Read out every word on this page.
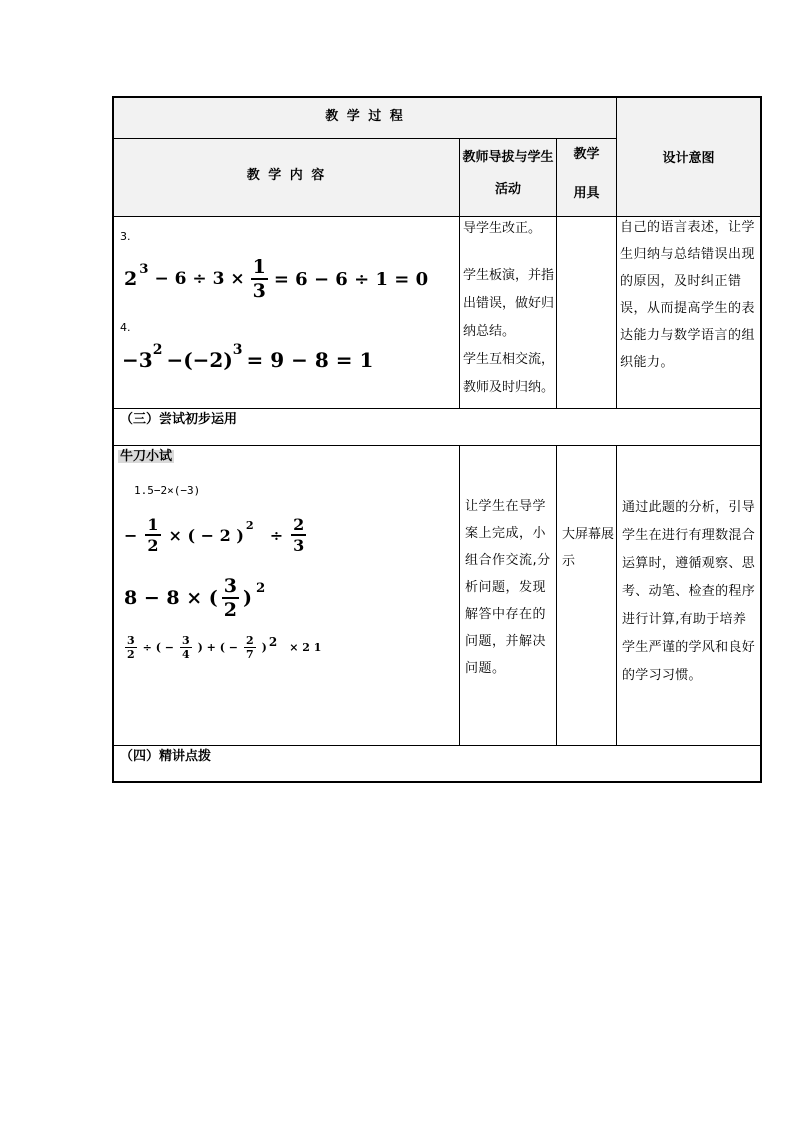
教 学 过 程
教 学 内 容
教师导拔与学生活动
教学
用具
设计意图
3.
2 $3 - 6 \div 3 \times \frac{1}{3} = 6 - 6 \div 1 = 0$
4.
−3 2 −(−2) 3 = 9 − 8 = 1
导学生改正。
学生板演，并指出错误，做好归纳总结。
学生互相交流，教师及时归纳。
自己的语言表述，让学生归纳与总结错误出现的原因，及时纠正错误，从而提高学生的表达能力与数学语言的组织能力。
（三）尝试初步运用
牛刀小试
1.5−2×(−3)
− $\frac{1}{2}$ × ( − 2 )
2
÷ $\frac{2}{3}$
8 − 8 × ( $\frac{3}{2}$ ) 2
$\frac{3}{2}$ ÷ ( − $\frac{3}{4}$ ) + ( − $\frac{2}{7}$ ) 2 × 2 1
让学生在导学案上完成，小组合作交流,分析问题，发现解答中存在的问题，并解决问题。
大屏幕展示
通过此题的分析，引导学生在进行有理数混合运算时，遵循观察、思考、动笔、检查的程序进行计算,有助于培养学生严谨的学风和良好的学习习惯。
（四）精讲点拨
